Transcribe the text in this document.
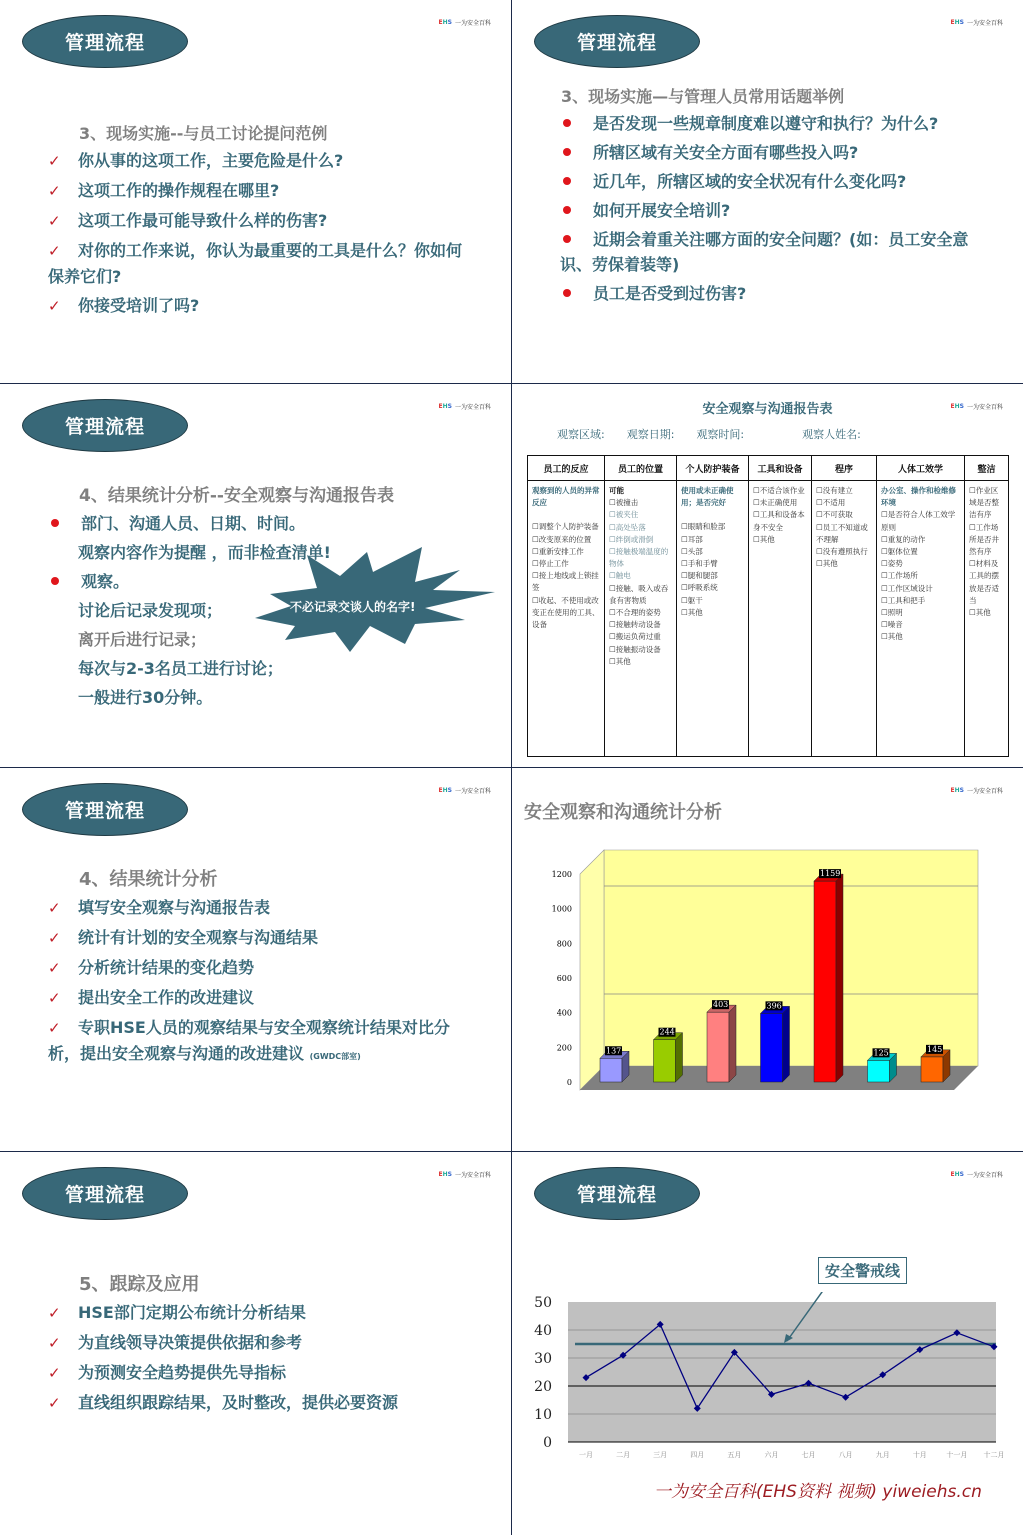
管理流程
EHS 一为安全百科
3、现场实施--与员工讨论提问范例
✓ 你从事的这项工作，主要危险是什么?
✓ 这项工作的操作规程在哪里?
✓ 这项工作最可能导致什么样的伤害?
✓ 对你的工作来说，你认为最重要的工具是什么？你如何保养它们?
✓ 你接受培训了吗?
管理流程
EHS 一为安全百科
3、现场实施—与管理人员常用话题举例
是否发现一些规章制度难以遵守和执行？为什么?
所辖区域有关安全方面有哪些投入吗?
近几年，所辖区域的安全状况有什么变化吗?
如何开展安全培训?
近期会着重关注哪方面的安全问题？(如：员工安全意识、劳保着装等)
员工是否受到过伤害?
管理流程
EHS 一为安全百科
4、结果统计分析--安全观察与沟通报告表
部门、沟通人员、日期、时间。
观察内容作为提醒 ，而非检查清单!
观察。
讨论后记录发现项；
离开后进行记录；
每次与2-3名员工进行讨论；
一般进行30分钟。
不必记录交谈人的名字!
安全观察与沟通报告表	EHS 一为安全百科
观察区域: 观察日期: 观察时间:	观察人姓名:
员工的反应	员工的位置	个人防护装备	工具和设备	程序	人体工效学	整洁

观察到的人员的异常反应
☐调整个人防护装备
☐改变原来的位置
☐重新安排工作
☐停止工作
☐接上地线或上锁挂签
☐收起、不使用或改变正在使用的工具、设备

可能
☐被撞击
☐被夹住
☐高处坠落
☐绊倒或滑倒
☐接触极端温度的物体
☐触电
☐接触、吸入或吞食有害物质
☐不合理的姿势
☐接触转动设备
☐搬运负荷过重
☐接触振动设备
☐其他

使用或未正确使用；是否完好
☐眼睛和脸部
☐耳部
☐头部
☐手和手臂
☐腿和腿部
☐呼吸系统
☐躯干
☐其他

☐不适合该作业
☐未正确使用
☐工具和设备本身不安全
☐其他

☐没有建立
☐不适用
☐不可获取
☐员工不知道或不理解
☐没有遵照执行
☐其他

办公室、操作和检维修环境
☐是否符合人体工效学原则
☐重复的动作
☐躯体位置
☐姿势
☐工作场所
☐工作区域设计
☐工具和把手
☐照明
☐噪音
☐其他

☐作业区域是否整洁有序
☐工作场所是否井然有序
☐材料及工具的摆放是否适当
☐其他
管理流程
EHS 一为安全百科
4、结果统计分析
✓ 填写安全观察与沟通报告表
✓ 统计有计划的安全观察与沟通结果
✓ 分析统计结果的变化趋势
✓ 提出安全工作的改进建议
✓ 专职HSE人员的观察结果与安全观察统计结果对比分析，提出安全观察与沟通的改进建议 (GWDC部室)
EHS 一为安全百科
安全观察和沟通统计分析
137
244
403	396
1159
125	145
0
200
400
600
800
1000
1200
管理流程
EHS 一为安全百科
5、跟踪及应用
✓ HSE部门定期公布统计分析结果
✓ 为直线领导决策提供依据和参考
✓ 为预测安全趋势提供先导指标
✓ 直线组织跟踪结果，及时整改，提供必要资源
管理流程
EHS 一为安全百科
安全警戒线
0
10
20
30
40
50
一月	二月	三月	四月	五月	六月	七月	八月	九月	十月	十一月 十二月
一为安全百科(EHS资料 视频) yiweiehs.cn
